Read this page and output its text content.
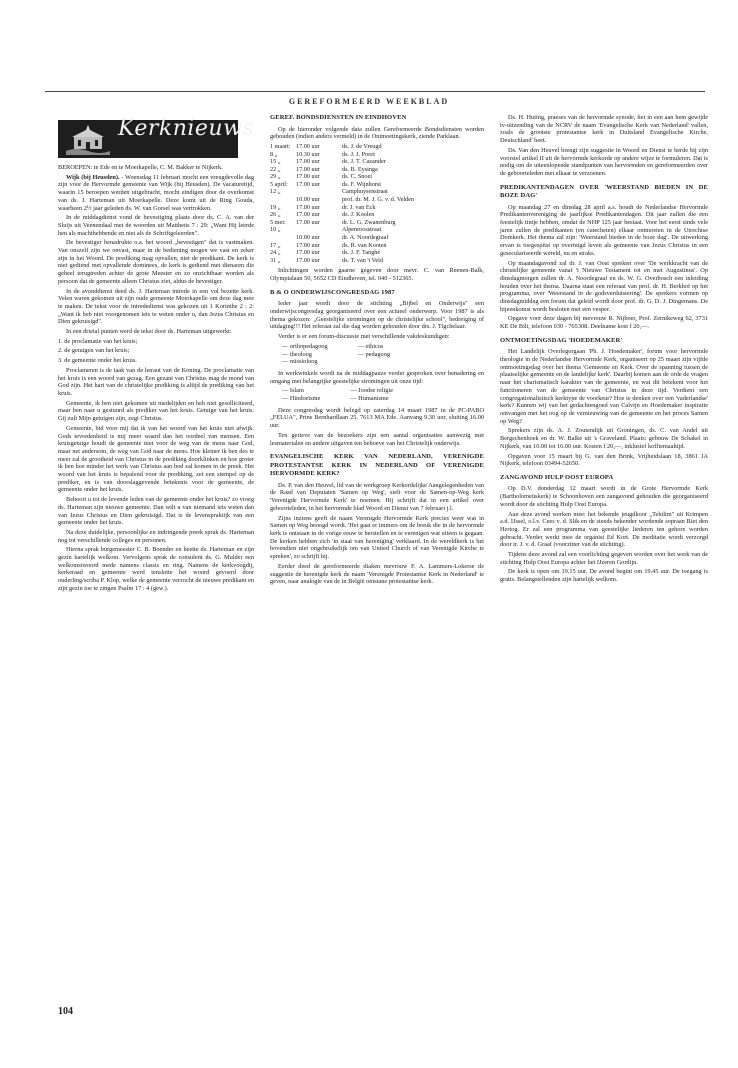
GEREFORMEERD WEEKBLAD
Kerknieuws

BEROEPEN: te Ede en te Moerkapelle, C. M. Bakker te Nijkerk.

Wijk (bij Heusden). - Woensdag 11 februari mocht een vreugdevolle dag zijn voor de Hervormde gemeente van Wijk (bij Heusden). De vacaturetijd, waarin 15 beroepen werden uitgebracht, mocht eindigen door de overkomst van ds. J. Harteman uit Moerkapelle. Deze komt uit de Ring Gouda, waarheen 2½ jaar geleden ds. W. van Gorsel was vertrokken.

In de middagdienst vond de bevestiging plaats door ds. C. A. van der Sluijs uit Veenendaal met de woorden uit Mattheüs 7 : 29: „Want Hij leerde hen als machthebbende en niet als de Schriftgeleerden".

De bevestiger benadrukte o.a. het woord „bevestigen" dat is vastmaken. Van onszelf zijn we onvast, maar in de bediening mogen we vast en zeker zijn in het Woord. De prediking mag opvallen, niet de predikant. De kerk is niet gediend met opvallende dominees, de kerk is gediend met dienaren die geheel terugtreden achter de grote Meester en zo onzichtbaar worden als persoon dat de gemeente alleen Christus ziet, aldus de bevestiger.

In de avonddienst deed ds. J. Harteman intrede in een vol bezette kerk. Velen waren gekomen uit zijn oude gemeente Moerkapelle om deze dag mee te maken. De tekst voor de intrededienst was gekozen uit 1 Korinthe 2 : 2: „Want ik heb niet voorgenomen iets te weten onder u, dan Jezus Christus en Dien gekruisigd".

In een drietal punten werd de tekst door ds. Harteman uitgewerkt:

1. de proclamatie van het kruis;

2. de getuigen van het kruis;

3. de gemeente onder het kruis.

Proclameren is de taak van de heraut van de Koning. De proclamatie van het kruis is een woord van gezag. Een gezant van Christus mag de mond van God zijn. Het hart van de christelijke prediking is altijd de prediking van het kruis.

Gemeente, ik ben niet gekomen uit medelijden en heb niet gesolliciteerd, maar ben naar u gestuurd als prediker van het kruis. Getuige van het kruis. Gij zult Mijn getuigen zijn, zegt Christus.

Gemeente, bid voor mij dat ik van het woord van het kruis niet afwijk. Gods tevredenheid is mij meer waard dan het oordeel van mensen. Een kruisgetuige houdt de gemeente niet voor de weg van de mens naar God, maar net andersom, de weg van God naar de mens. Hoe kleiner ik ben des te meer zal de grootheid van Christus in de prediking doorklinken en hoe groter ik ben hoe minder het werk van Christus aan bod zal komen in de preek. Het woord van het kruis is bepalend voor de prediking, zet een stempel op de prediker, en is van doorslaggevende betekenis voor de gemeente, de gemeente onder het kruis.

Behoort u tot de levende leden van de gemeente onder het kruis? zo vroeg ds. Harteman zijn nieuwe gemeente. Dan wilt u van niemand iets weten dan van Jezus Christus en Dien gekruisigd. Dat is de levenspraktijk van een gemeente onder het kruis.

Na deze duidelijke, persoonlijke en indringende preek sprak ds. Harteman nog tot verschillende colleges en personen.

Hierna sprak burgemeester C. B. Boender en heette ds. Harteman en zijn gezin hartelijk welkom. Vervolgens sprak de consulent ds. G. Mulder een welkomstwoord mede namens classis en ring. Namens de kerkvoogdij, kerkeraad en gemeente werd tenslotte het woord gevoerd door ouderling/scriba P. Klop, welke de gemeente verzocht de nieuwe predikant en zijn gezin toe te zingen Psalm 17 : 4 (gew.).

GEREF. BONDSDIENSTEN IN EINDHOVEN

Op de hieronder volgende data zullen Gereformeerde Bondsdiensten worden gehouden (indien anders vermeld) in de Ontmoetingskerk, ziende Parklaan.

1 maart:	17.00 uur	ds. J. de Vreugd
8 „	10.30 uur	ds. J. J. Poort
15 „	17.00 uur	ds. J. T. Cazander
22 „	17.00 uur	ds. B. Eysinga
29 „	17.00 uur	ds. C. Snoei
5 april:	17.00 uur	ds. F. Wijnhorst
12 „		Camphuysenstraat
	10.00 uur	prof. dr. M. J. G. v. d. Velden
19 „	17.00 uur	dr. J. van Eck
26 „	17.00 uur	ds. J. Koolen
5 mei:	17.00 uur	dr. L. G. Zwanenburg
10 „		Alpenroosstraat
	10.00 uur	dr. A. Noordegraaf
17 „	17.00 uur	ds. R. van Kooten
24 „	17.00 uur	ds. J. F. Tanghé
31 „	17.00 uur	ds. T. van 't Veld

Inlichtingen worden gaarne gegeven door mevr. C. van Reenen-Balk, Olympialaan 50, 5652 CD Eindhoven, tel. 040 - 512365.

B & O ONDERWIJSCONGRESDAG 1987

Ieder jaar wordt door de stichting „Bijbel en Onderwijs" een onderwijscongresdag georganiseerd over een actueel onderwerp. Voor 1987 is als thema gekozen: „Geestelijke stromingen op de christelijke school", bedreiging of uitdaging!!! Het referaat zal die dag worden gehouden door drs. J. Tigchelaar.

Verder is er een forum-discussie met verschillende vakdeskundigen:

— orthopedagoog
— theoloog
— missioloog
— ethicus
— pedagoog

In werkwinkels wordt na de middagpauze verder gesproken over benadering en omgang met belangrijke geestelijke stromingen uit onze tijd:

— Islam
— Hindoeïsme
— Joodse religie
— Humanisme

Deze congresdag wordt belegd op zaterdag 14 maart 1987 in de PC-PABO „FELUA", Prins Bernhardlaan 25, 7613 MA Ede. Aanvang 9.30 uur, sluiting 16.00 uur.

Ten gerieve van de bezoekers zijn een aantal organisaties aanwezig met lesmaterialen en andere uitgaven ten behoeve van het Christelijk onderwijs.

EVANGELISCHE KERK VAN NEDERLAND, VERENIGDE PROTESTANTSE KERK IN NEDERLAND OF VERENIGDE HERVORMDE KERK?

Ds. P. van den Heuvel, lid van de werkgroep Kerkordelijke Aangelegenheden van de Raad van Deputaten 'Samen op Weg', stelt voor de Samen-op-Weg kerk 'Verenigde Hervormde Kerk' te noemen. Hij schrijft dat in een artikel over geboorteleden, in het hervormde blad Woord en Dienst van 7 februari j.l.

Zijns inziens geeft de naam Verenigde Hervormde Kerk precies weer wat in Samen op Weg beoogd wordt. 'Het gaat er immers om de breuk die in de hervormde kerk is ontstaan in de vorige eeuw te herstellen en te verenigen wat uiteen is gegaan. De kerken hebben zich 'in staat van hereniging' verklaard. In de wereldkerk is het bovendien niet ongebruikelijk om van United Church of van Verenigde Kirche te spreken', zo schrijft hij.

Eerder deed de gereformeerde diaken mevrouw F. A. Lammers-Lokerse de suggestie de herenigde kerk de naam 'Verenigde Protestantse Kerk in Nederland' te geven, naar analogie van de in België ontstane protestantse kerk.

Ds. H. Huting, praeses van de hervormde synode, liet in een aan hem gewijde tv-uitzending van de NCRV de naam 'Evangelische Kerk van Nederland' vallen, zoals de grootste protestantse kerk in Duitsland Evangelische Kirche, Deutschland' heet.

Ds. Van den Heuvel brengt zijn suggestie in Woord en Dienst te berde bij zijn voorstel artikel II uit de hervormde kerkorde op andere wijze te formuleren. Dat is nodig om de uiteenlopende standpunten van hervormden en gereformeerden over de geboorteleden met elkaar te verzoenen.

PREDIKANTENDAGEN OVER 'WEERSTAND BIEDEN IN DE BOZE DAG'

Op maandag 27 en dinsdag 28 april a.s. houdt de Nederlandse Hervormde Predikantenvereniging de jaarlijkse Predikantendagen. Dit jaar zullen die een feestelijk tintje hebben, omdat de NHP 125 jaar bestaat. Voor het eerst sinds vele jaren zullen de predikanten (en catecheten) elkaar ontmoeten in de Utrechtse Domkerk. Het thema zal zijn: 'Weerstand bieden in de boze dag'. De uitwerking ervan is toegespitst op overtuigd leven als gemeente van Jezus Christus in een geseculariseerde wereld, nu en straks.

Op maandagavond zal dr. J. van Oost spreken over 'De werkkracht van de christelijke gemeente vanaf 't Nieuwe Testament tot en met Augustinus'. Op dinsdagmorgen zullen dr. A. Noordegraaf en ds. W. G. Overbosch een inleiding houden over het thema. Daarna staat een referaat van prof. dr. H. Berkhof op het programma, over 'Weerstand in de godsverduistering'. De sprekers vormen op dinsdagmiddag een forum dat geleid wordt door prof. dr. G. D. J. Dingemans. De bijeenkomst wordt besloten met een vesper.

Opgave voor deze dagen bij mevrouw R. Nijboer, Prof. Zernikeweg 62, 3731 KE De Bilt, telefoon 030 - 765308. Deelname kost f 20,—.

ONTMOETINGSDAG 'HOEDEMAKER'

Het Landelijk Overlegorgaan 'Ph. J. Hoedemaker', forum voor hervormde theologie in de Nederlandse Hervormde Kerk, organiseert op 25 maart zijn vijfde ontmoetingsdag over het thema 'Gemeente en Kerk. Over de spanning tussen de plaatselijke gemeente en de landelijke kerk'. Daarbij komen aan de orde de vragen naar het charismatisch karakter van de gemeente, en wat dit betekent voor het functioneren van de gemeente van Christus in deze tijd. Verdient een congregationalistisch kerktype de voorkeur? Hoe te denken over een 'vaderlandse' kerk? Kunnen wij van het gedachtengoed van Calvijn en Hoedemaker inspiratie ontvangen met het oog op de vernieuwing van de gemeente en het proces Samen op Weg?

Sprekers zijn ds. A. J. Zoutendijk uit Groningen, ds. C. van Andel uit Bergschenhoek en dr. W. Balke uit 's Graveland. Plaats: gebouw De Schakel in Nijkerk, van 10.00 tot 16.00 uur. Kosten f 20,—, inklusief koffiemaaltijd.

Opgaven voor 15 maart bij G. van den Brink, Vrijheidslaan 18, 3861 JA Nijkerk, telefoon 03494-52650.

ZANGAVOND HULP OOST EUROPA

Op D.V. donderdag 12 maart wordt in de Grote Hervormde Kerk (Bartholomeüskerk) te Schoonhoven een zangavond gehouden die georganiseerd wordt door de stichting Hulp Oost Europa.

Aan deze avond werken mee: het bekende jeugdkoor „Tehilim" uit Krimpen a.d. IJssel, o.l.v. Cees v. d. Slik en de steeds bekender wordende sopraan Riet den Hertog. Er zal een programma van geestelijke liederen ten gehore worden gebracht. Verder werkt mee de organist Ed Kort. De meditatie wordt verzorgd door ir. J. v. d. Graaf (voorzitter van de stichting).

Tijdens deze avond zal een voorlichting gegeven worden over het werk van de stichting Hulp Oost Europa achter het IJzeren Gordijn.

De kerk is open om 19.15 uur. De avond begint om 19.45 uur. De toegang is gratis. Belangstellenden zijn hartelijk welkom.

104
